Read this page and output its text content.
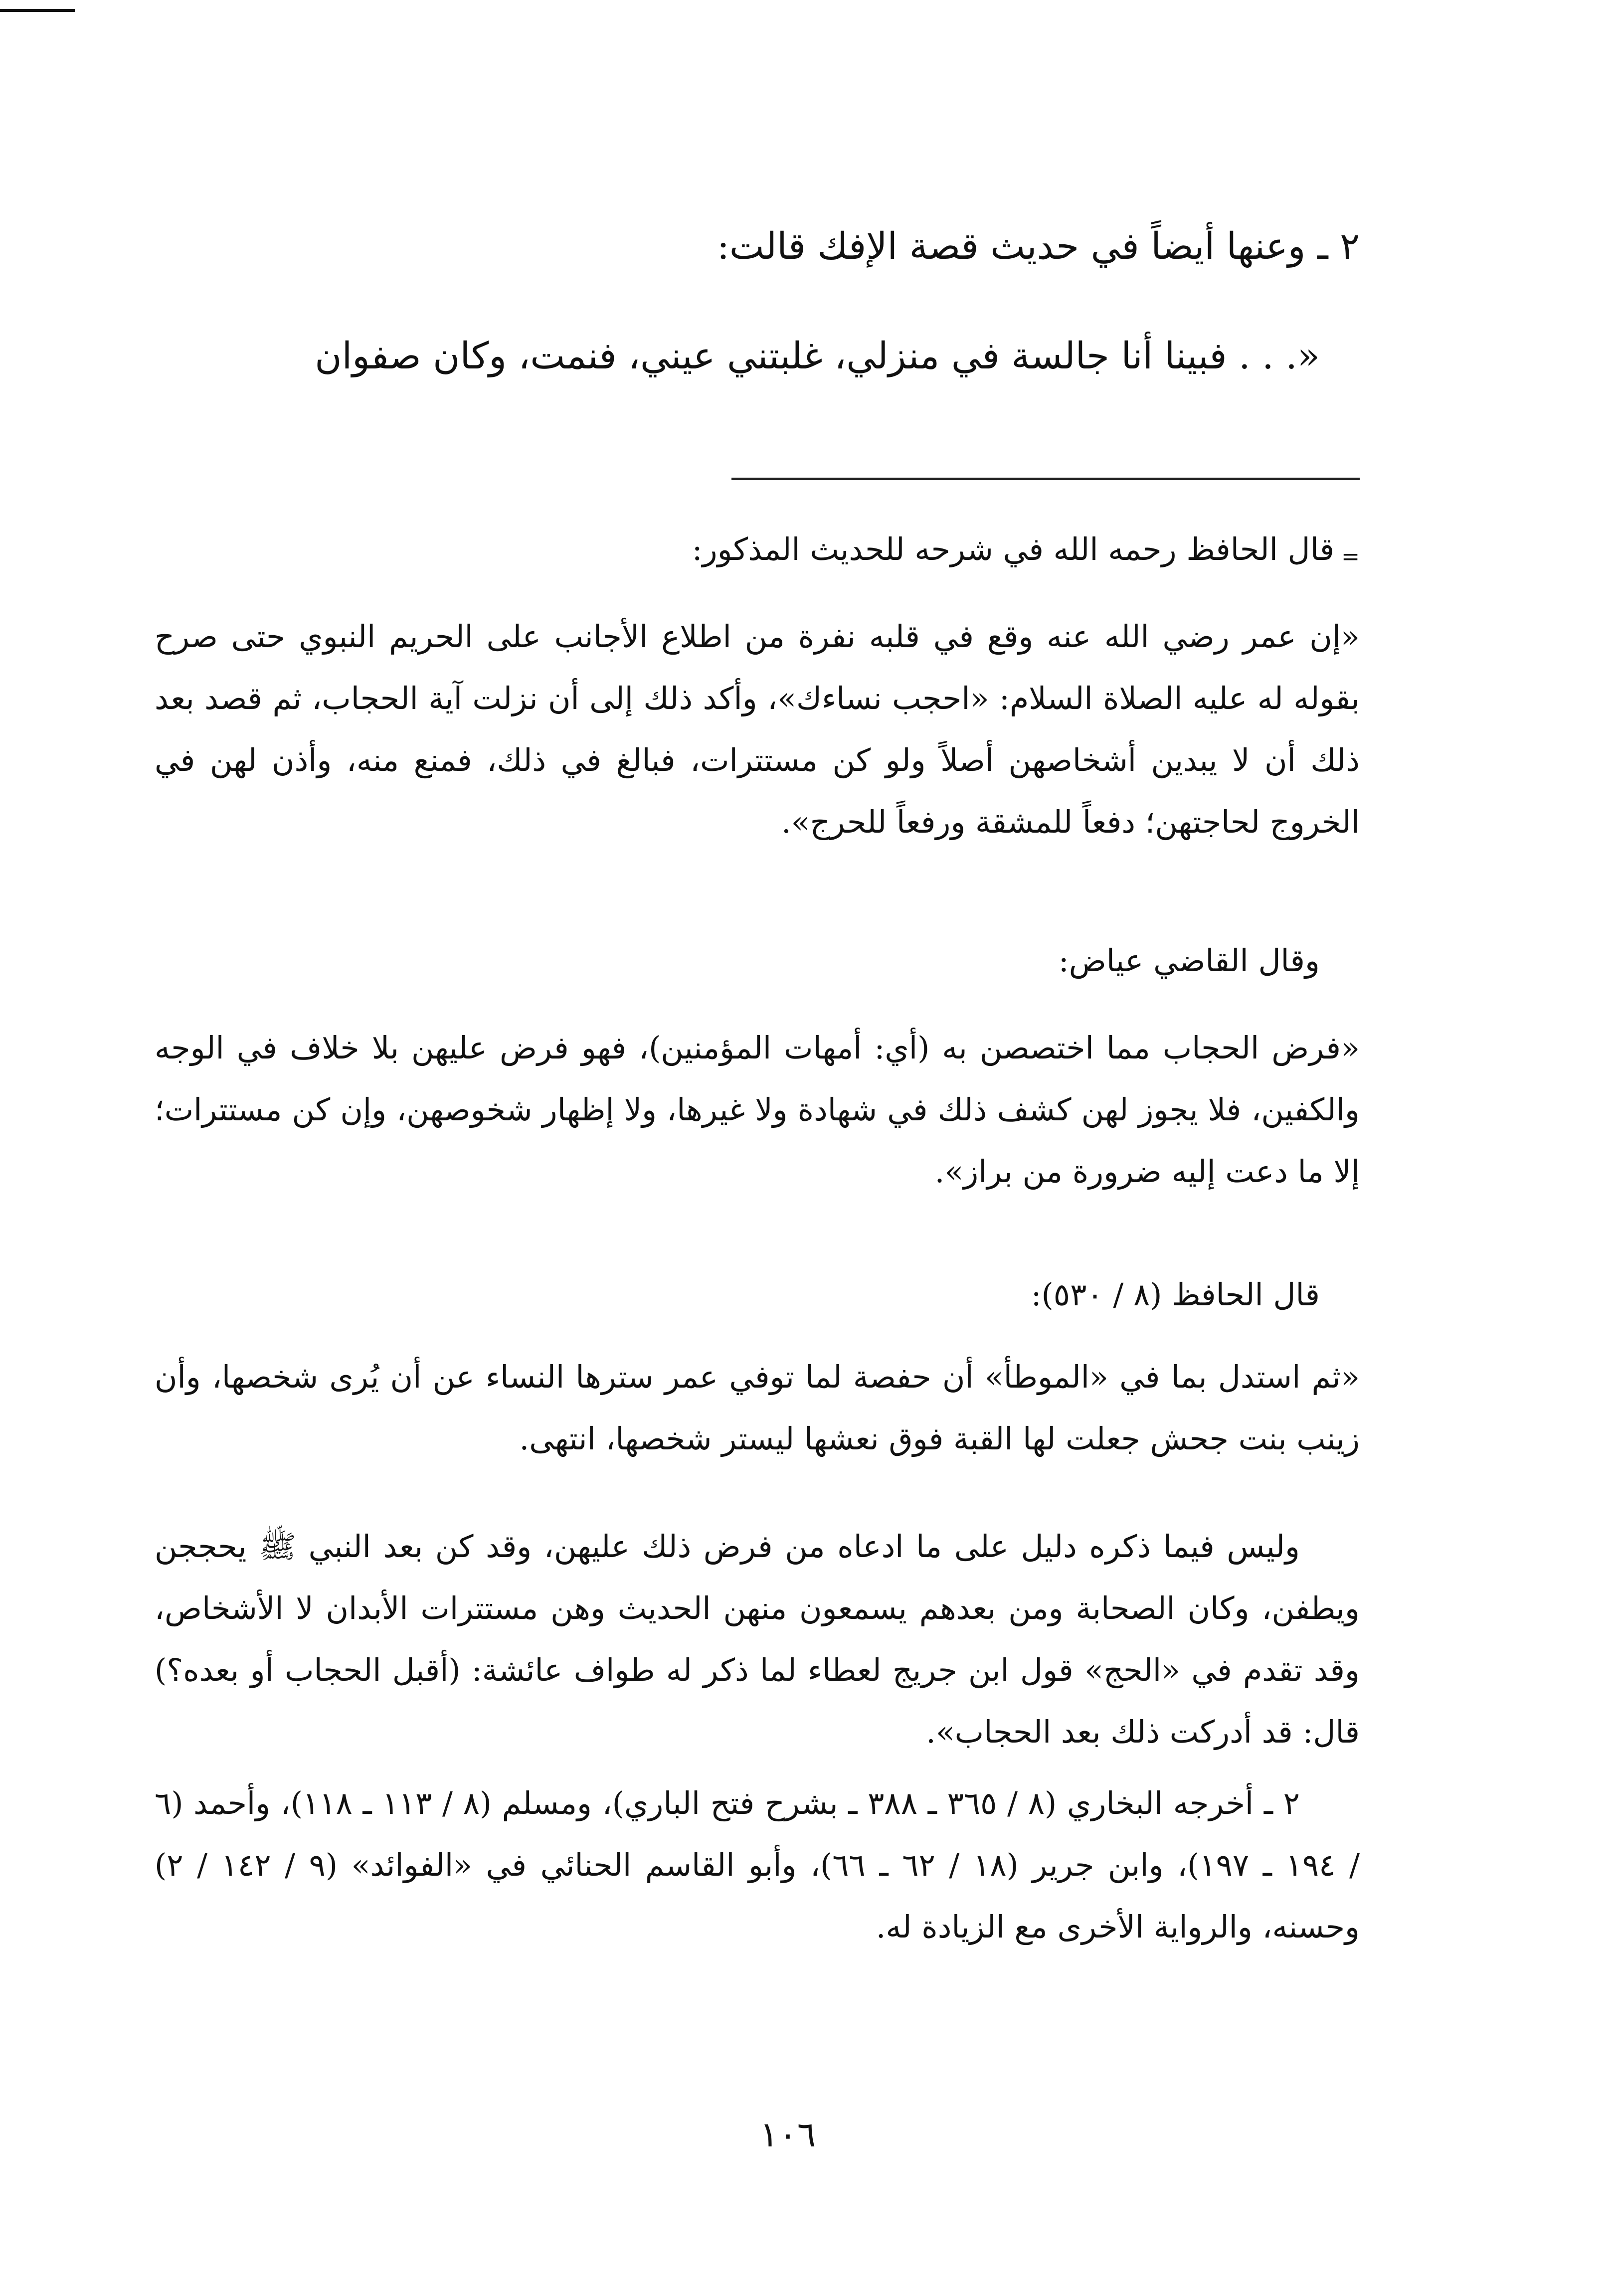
٢ ـ وعنها أيضاً في حديث قصة الإفك قالت:
«. . . فبينا أنا جالسة في منزلي، غلبتني عيني، فنمت، وكان صفوان
=قال الحافظ رحمه الله في شرحه للحديث المذكور:
«إن عمر رضي الله عنه وقع في قلبه نفرة من اطلاع الأجانب على الحريم النبوي حتى صرح بقوله له عليه الصلاة السلام: «احجب نساءك»، وأكد ذلك إلى أن نزلت آية الحجاب، ثم قصد بعد ذلك أن لا يبدين أشخاصهن أصلاً ولو كن مستترات، فبالغ في ذلك، فمنع منه، وأذن لهن في الخروج لحاجتهن؛ دفعاً للمشقة ورفعاً للحرج».
وقال القاضي عياض:
«فرض الحجاب مما اختصصن به (أي: أمهات المؤمنين)، فهو فرض عليهن بلا خلاف في الوجه والكفين، فلا يجوز لهن كشف ذلك في شهادة ولا غيرها، ولا إظهار شخوصهن، وإن كن مستترات؛ إلا ما دعت إليه ضرورة من براز».
قال الحافظ (٨ / ٥٣٠):
«ثم استدل بما في «الموطأ» أن حفصة لما توفي عمر سترها النساء عن أن يُرى شخصها، وأن زينب بنت جحش جعلت لها القبة فوق نعشها ليستر شخصها، انتهى.
وليس فيما ذكره دليل على ما ادعاه من فرض ذلك عليهن، وقد كن بعد النبي ﷺ يحججن ويطفن، وكان الصحابة ومن بعدهم يسمعون منهن الحديث وهن مستترات الأبدان لا الأشخاص، وقد تقدم في «الحج» قول ابن جريج لعطاء لما ذكر له طواف عائشة: (أقبل الحجاب أو بعده؟) قال: قد أدركت ذلك بعد الحجاب».
٢ ـ أخرجه البخاري (٨ / ٣٦٥ ـ ٣٨٨ ـ بشرح فتح الباري)، ومسلم (٨ / ١١٣ ـ ١١٨)، وأحمد (٦ / ١٩٤ ـ ١٩٧)، وابن جرير (١٨ / ٦٢ ـ ٦٦)، وأبو القاسم الحنائي في «الفوائد» (٩ / ١٤٢ / ٢) وحسنه، والرواية الأخرى مع الزيادة له.
١٠٦
